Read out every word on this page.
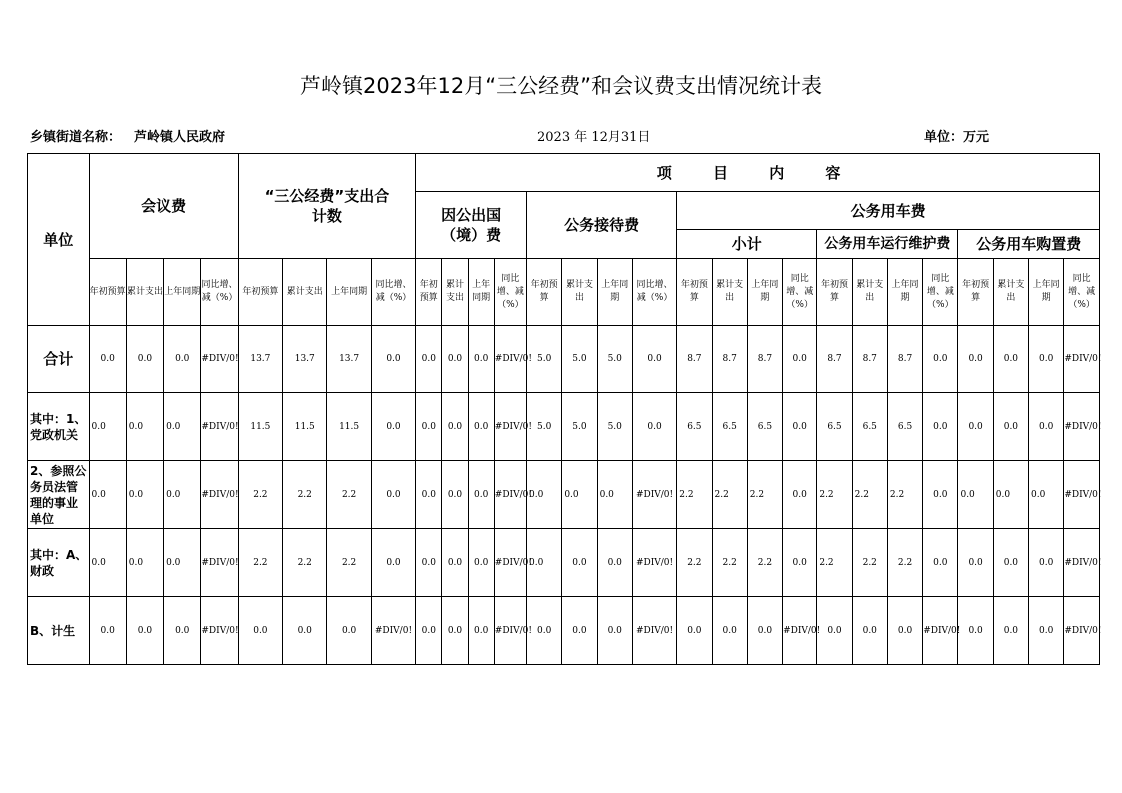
芦岭镇2023年12月“三公经费”和会议费支出情况统计表
乡镇街道名称： 芦岭镇人民政府	2023 年 12月31日	单位：万元
单位	会议费				“三公经费”支出合计数				项 目 内 容																			
									因公出国（境）费				公务接待费				公务用车费											
																	小计				公务用车运行维护费				公务用车购置费			
	年初预算	累计支出	上年同期	同比增、减（%）	年初预算	累计支出	上年同期	同比增、减（%）	年初预算	累计支出	上年同期	同比增、减（%）	年初预算	累计支出	上年同期	同比增、减（%）	年初预算	累计支出	上年同期	同比增、减（%）	年初预算	累计支出	上年同期	同比增、减（%）	年初预算	累计支出	上年同期	同比增、减（%）
合计	0.0	0.0	0.0	#DIV/0!	13.7	13.7	13.7	0.0	0.0	0.0	0.0	#DIV/0!	5.0	5.0	5.0	0.0	8.7	8.7	8.7	0.0	8.7	8.7	8.7	0.0	0.0	0.0	0.0	#DIV/0!
其中：1、党政机关	0.0	0.0	0.0	#DIV/0!	11.5	11.5	11.5	0.0	0.0	0.0	0.0	#DIV/0!	5.0	5.0	5.0	0.0	6.5	6.5	6.5	0.0	6.5	6.5	6.5	0.0	0.0	0.0	0.0	#DIV/0!
2、参照公务员法管理的事业单位	0.0	0.0	0.0	#DIV/0!	2.2	2.2	2.2	0.0	0.0	0.0	0.0	#DIV/0!	0.0	0.0	0.0	#DIV/0!	2.2	2.2	2.2	0.0	2.2	2.2	2.2	0.0	0.0	0.0	0.0	#DIV/0!
其中：A、财政	0.0	0.0	0.0	#DIV/0!	2.2	2.2	2.2	0.0	0.0	0.0	0.0	#DIV/0!	0.0	0.0	0.0	#DIV/0!	2.2	2.2	2.2	0.0	2.2	2.2	2.2	0.0	0.0	0.0	0.0	#DIV/0!
B、计生	0.0	0.0	0.0	#DIV/0!	0.0	0.0	0.0	#DIV/0!	0.0	0.0	0.0	#DIV/0!	0.0	0.0	0.0	#DIV/0!	0.0	0.0	0.0	#DIV/0!	0.0	0.0	0.0	#DIV/0!	0.0	0.0	0.0	#DIV/0!
